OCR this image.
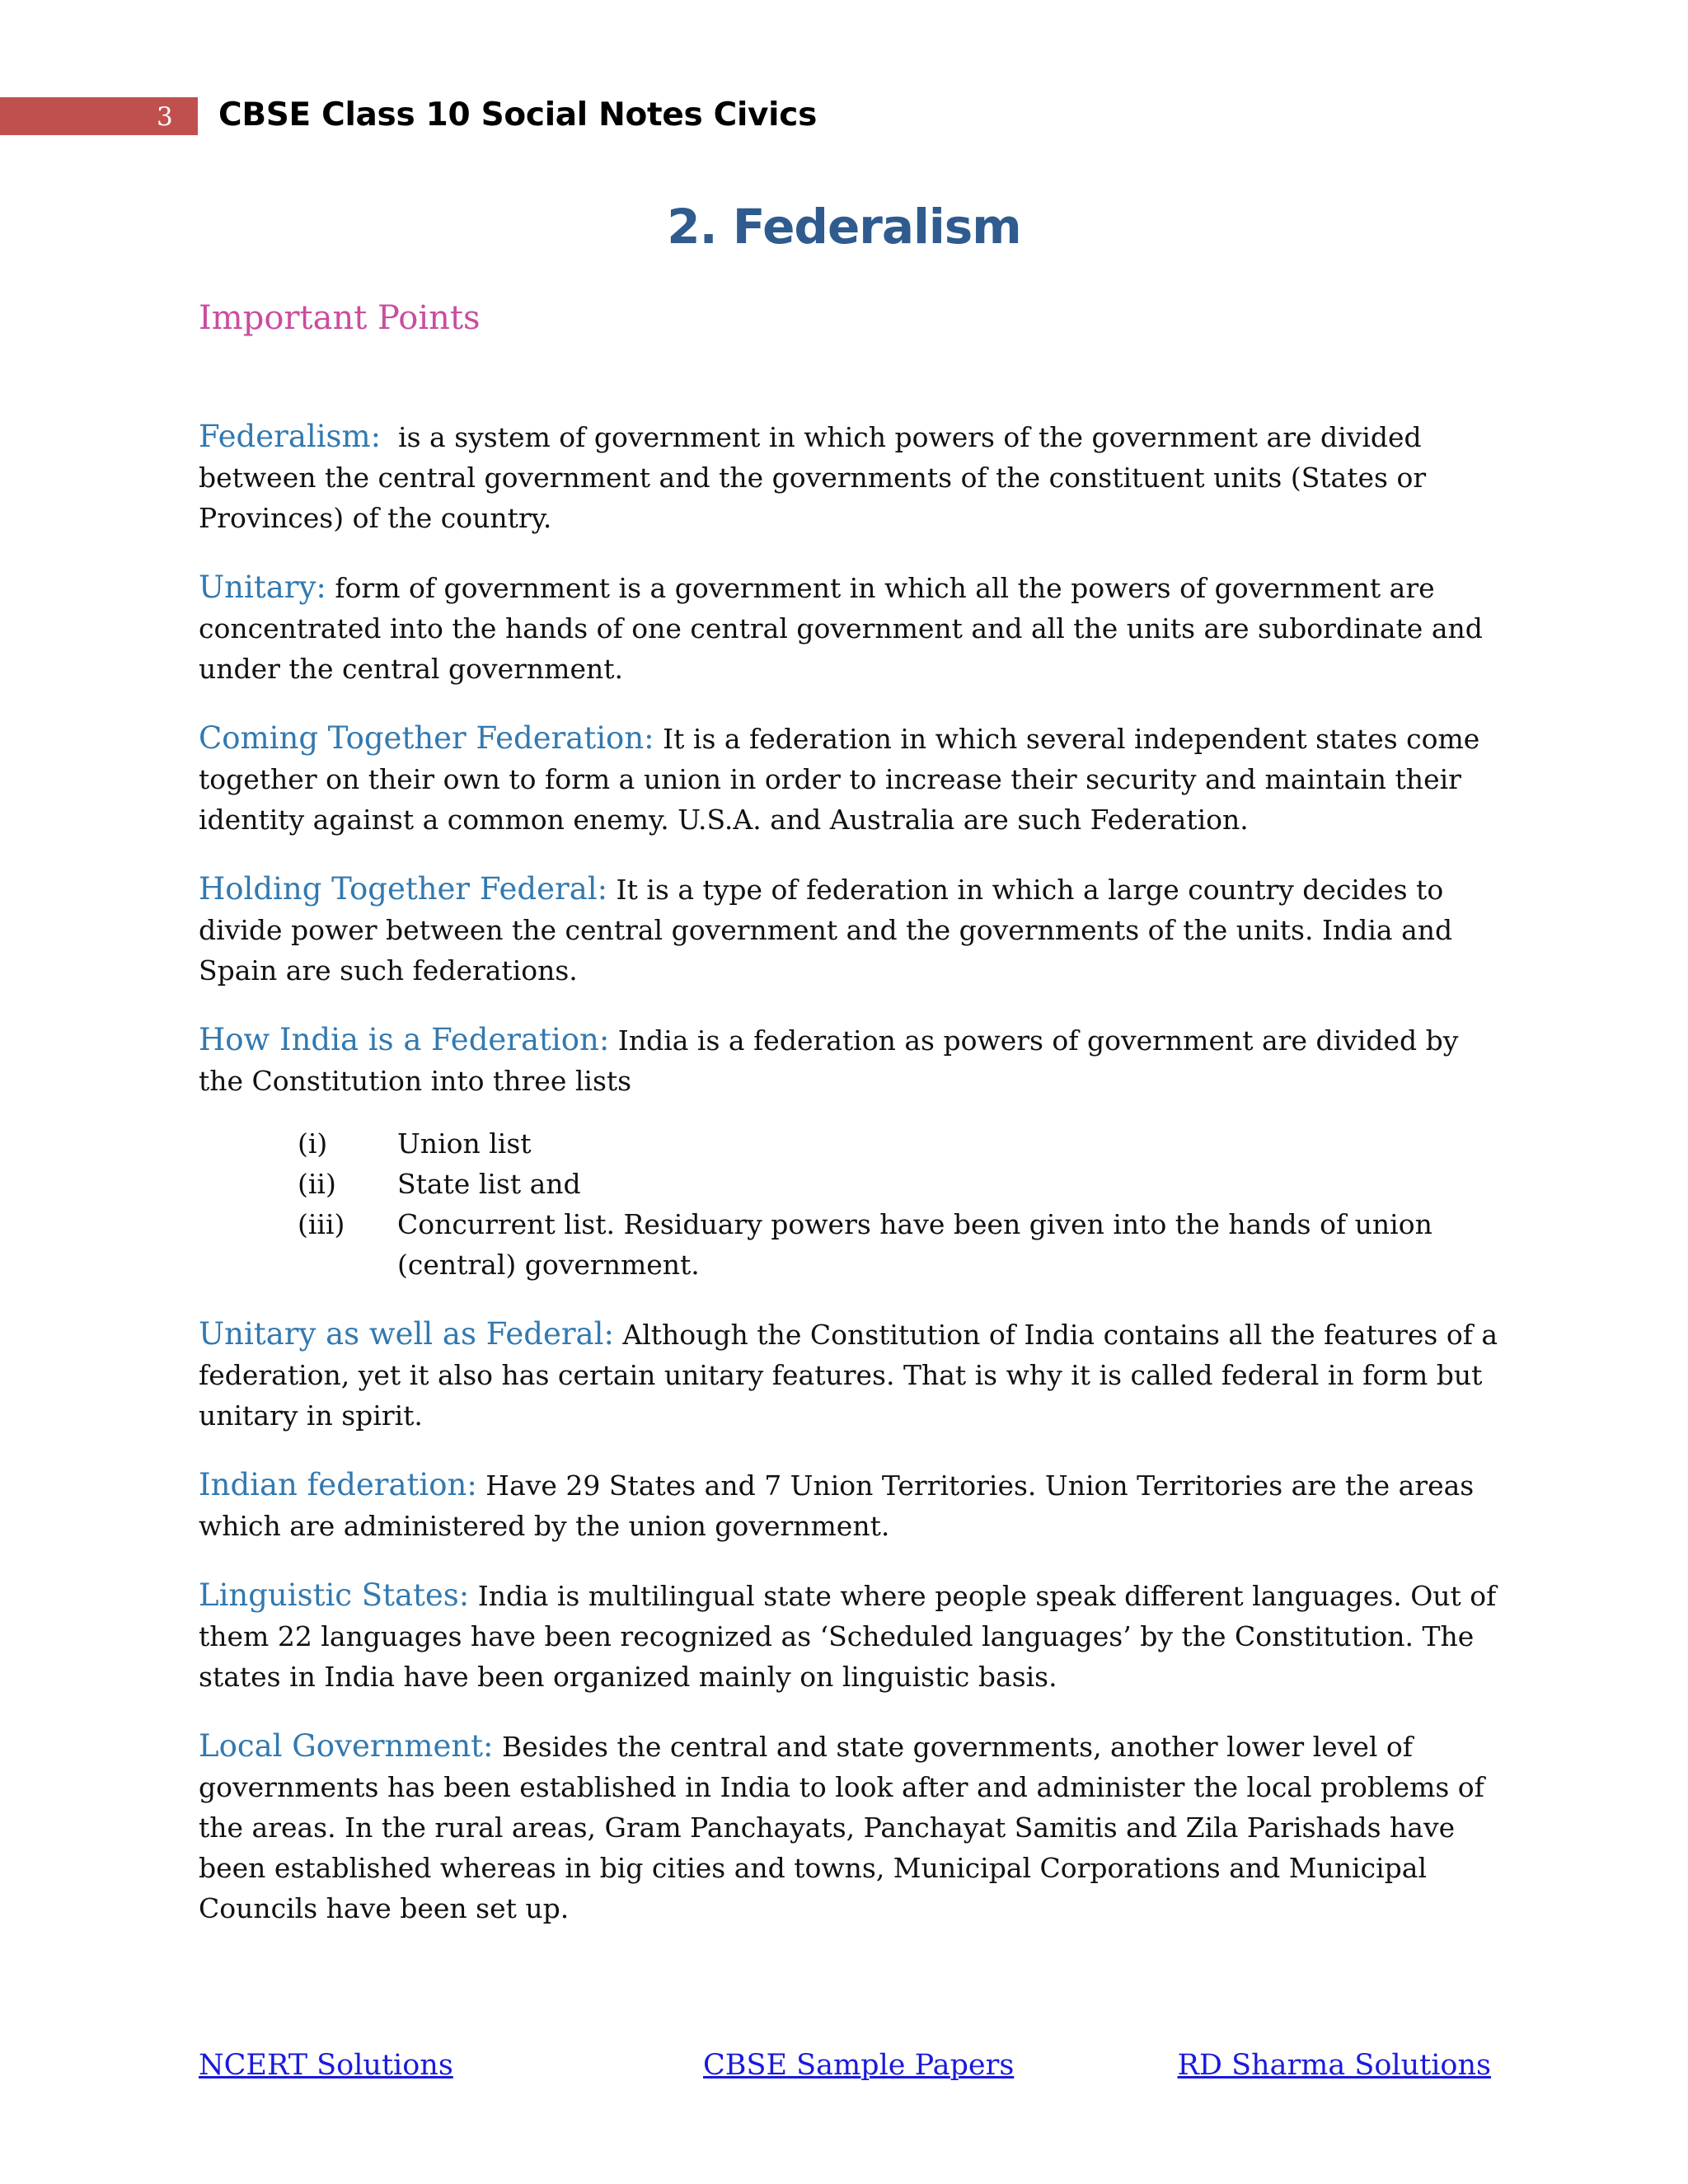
3 CBSE Class 10 Social Notes Civics
2. Federalism
Important Points

Federalism:  is a system of government in which powers of the government are divided between the central government and the governments of the constituent units (States or Provinces) of the country.

Unitary: form of government is a government in which all the powers of government are concentrated into the hands of one central government and all the units are subordinate and under the central government.

Coming Together Federation: It is a federation in which several independent states come together on their own to form a union in order to increase their security and maintain their identity against a common enemy. U.S.A. and Australia are such Federation.

Holding Together Federal: It is a type of federation in which a large country decides to divide power between the central government and the governments of the units. India and Spain are such federations.

How India is a Federation: India is a federation as powers of government are divided by the Constitution into three lists

(i)	Union list
(ii)	State list and
(iii)	Concurrent list. Residuary powers have been given into the hands of union (central) government.

Unitary as well as Federal: Although the Constitution of India contains all the features of a federation, yet it also has certain unitary features. That is why it is called federal in form but unitary in spirit.

Indian federation: Have 29 States and 7 Union Territories. Union Territories are the areas which are administered by the union government.

Linguistic States: India is multilingual state where people speak different languages. Out of them 22 languages have been recognized as ‘Scheduled languages’ by the Constitution. The states in India have been organized mainly on linguistic basis.

Local Government: Besides the central and state governments, another lower level of governments has been established in India to look after and administer the local problems of the areas. In the rural areas, Gram Panchayats, Panchayat Samitis and Zila Parishads have been established whereas in big cities and towns, Municipal Corporations and Municipal Councils have been set up.

NCERT Solutions	CBSE Sample Papers	RD Sharma Solutions
